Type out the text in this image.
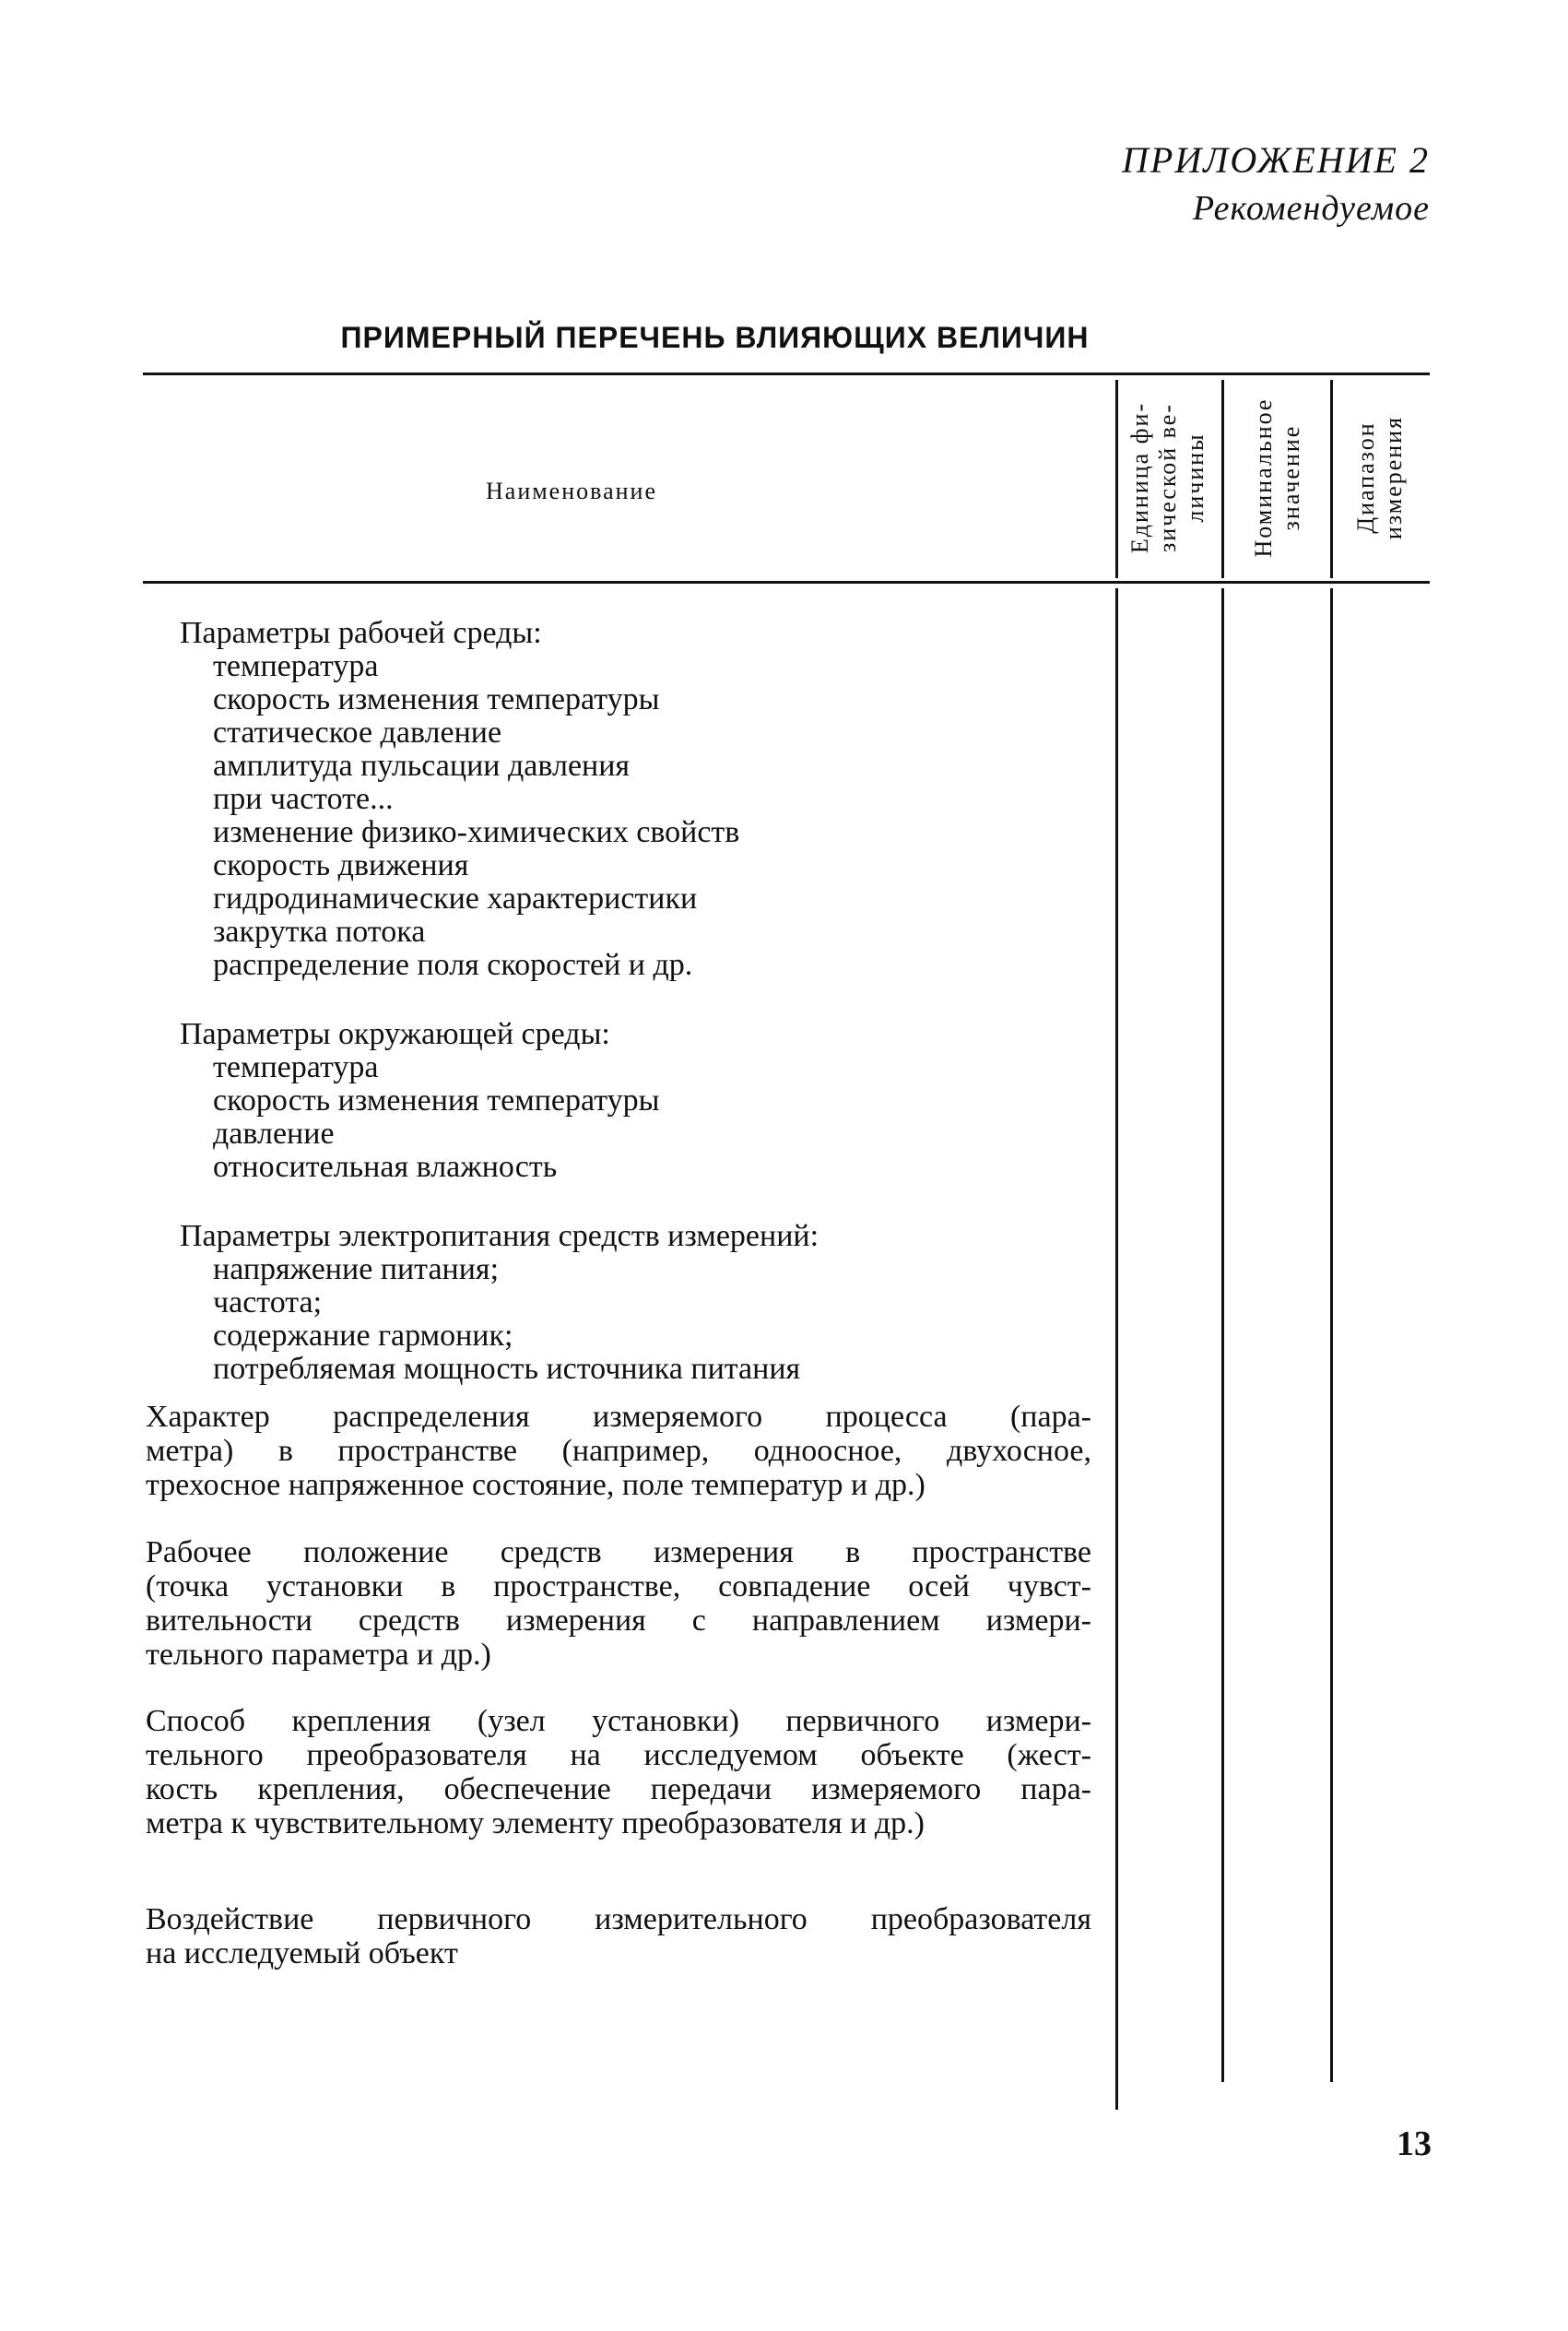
ПРИЛОЖЕНИЕ 2
Рекомендуемое
ПРИМЕРНЫЙ ПЕРЕЧЕНЬ ВЛИЯЮЩИХ ВЕЛИЧИН
Наименование	Единица фи- зической ве- личины Номинальное значение Диапазон измерения
Параметры рабочей среды:
температура
скорость изменения температуры
статическое давление
амплитуда пульсации давления
при частоте...
изменение физико-химических свойств
скорость движения
гидродинамические характеристики
закрутка потока
распределение поля скоростей и др.
Параметры окружающей среды:
температура
скорость изменения температуры
давление
относительная влажность
Параметры электропитания средств измерений:
напряжение питания;
частота;
содержание гармоник;
потребляемая мощность источника питания
Характер распределения измеряемого процесса (пара-
метра) в пространстве (например, одноосное, двухосное,
трехосное напряженное состояние, поле температур и др.)
Рабочее положение средств измерения в пространстве
(точка установки в пространстве, совпадение осей чувст-
вительности средств измерения с направлением измери-
тельного параметра и др.)
Способ крепления (узел установки) первичного измери-
тельного преобразователя на исследуемом объекте (жест-
кость крепления, обеспечение передачи измеряемого пара-
метра к чувствительному элементу преобразователя и др.)
Воздействие первичного измерительного преобразователя
на исследуемый объект
13
